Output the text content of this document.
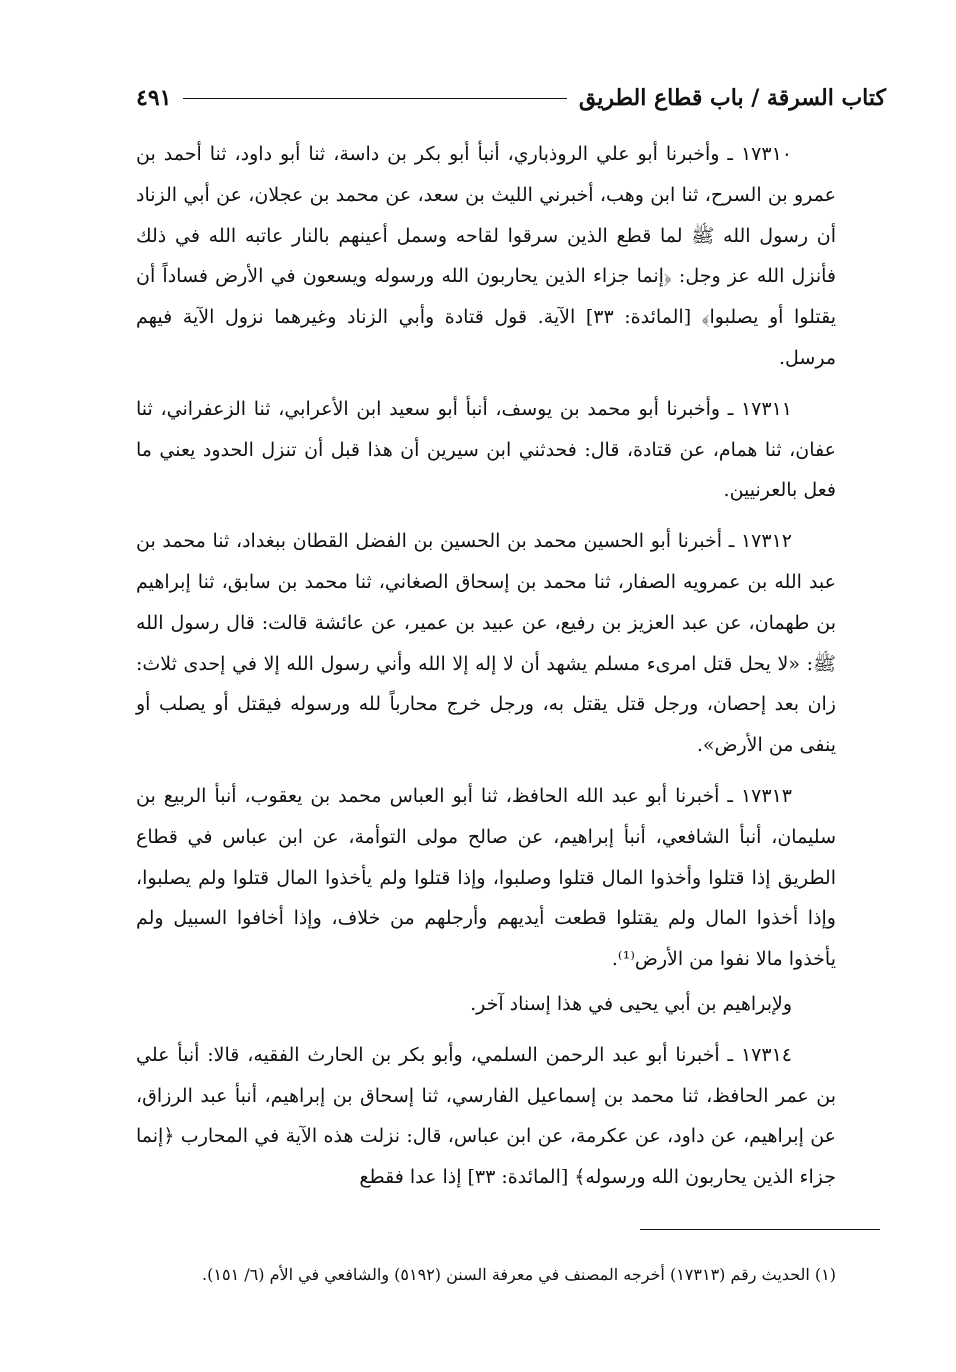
كتاب السرقة / باب قطاع الطريق
٤٩١

١٧٣١٠ ـ وأخبرنا أبو علي الروذباري، أنبأ أبو بكر بن داسة، ثنا أبو داود، ثنا أحمد بن عمرو بن السرح، ثنا ابن وهب، أخبرني الليث بن سعد، عن محمد بن عجلان، عن أبي الزناد أن رسول الله ﷺ لما قطع الذين سرقوا لقاحه وسمل أعينهم بالنار عاتبه الله في ذلك فأنزل الله عز وجل: ﴿إنما جزاء الذين يحاربون الله ورسوله ويسعون في الأرض فساداً أن يقتلوا أو يصلبوا﴾ [المائدة: ٣٣] الآية. قول قتادة وأبي الزناد وغيرهما نزول الآية فيهم مرسل.

١٧٣١١ ـ وأخبرنا أبو محمد بن يوسف، أنبأ أبو سعيد ابن الأعرابي، ثنا الزعفراني، ثنا عفان، ثنا همام، عن قتادة، قال: فحدثني ابن سيرين أن هذا قبل أن تنزل الحدود يعني ما فعل بالعرنيين.

١٧٣١٢ ـ أخبرنا أبو الحسين محمد بن الحسين بن الفضل القطان ببغداد، ثنا محمد بن عبد الله بن عمرويه الصفار، ثنا محمد بن إسحاق الصغاني، ثنا محمد بن سابق، ثنا إبراهيم بن طهمان، عن عبد العزيز بن رفيع، عن عبيد بن عمير، عن عائشة قالت: قال رسول الله ﷺ: «لا يحل قتل امرىء مسلم يشهد أن لا إله إلا الله وأني رسول الله إلا في إحدى ثلاث: زان بعد إحصان، ورجل قتل يقتل به، ورجل خرج محارباً لله ورسوله فيقتل أو يصلب أو ينفى من الأرض».

١٧٣١٣ ـ أخبرنا أبو عبد الله الحافظ، ثنا أبو العباس محمد بن يعقوب، أنبأ الربيع بن سليمان، أنبأ الشافعي، أنبأ إبراهيم، عن صالح مولى التوأمة، عن ابن عباس في قطاع الطريق إذا قتلوا وأخذوا المال قتلوا وصلبوا، وإذا قتلوا ولم يأخذوا المال قتلوا ولم يصلبوا، وإذا أخذوا المال ولم يقتلوا قطعت أيديهم وأرجلهم من خلاف، وإذا أخافوا السبيل ولم يأخذوا مالا نفوا من الأرض⁽¹⁾.

ولإبراهيم بن أبي يحيى في هذا إسناد آخر.

١٧٣١٤ ـ أخبرنا أبو عبد الرحمن السلمي، وأبو بكر بن الحارث الفقيه، قالا: أنبأ علي بن عمر الحافظ، ثنا محمد بن إسماعيل الفارسي، ثنا إسحاق بن إبراهيم، أنبأ عبد الرزاق، عن إبراهيم، عن داود، عن عكرمة، عن ابن عباس، قال: نزلت هذه الآية في المحارب ﴿إنما جزاء الذين يحاربون الله ورسوله﴾ [المائدة: ٣٣] إذا عدا فقطع

(١) الحديث رقم (١٧٣١٣) أخرجه المصنف في معرفة السنن (٥١٩٢) والشافعي في الأم (٦/ ١٥١).
